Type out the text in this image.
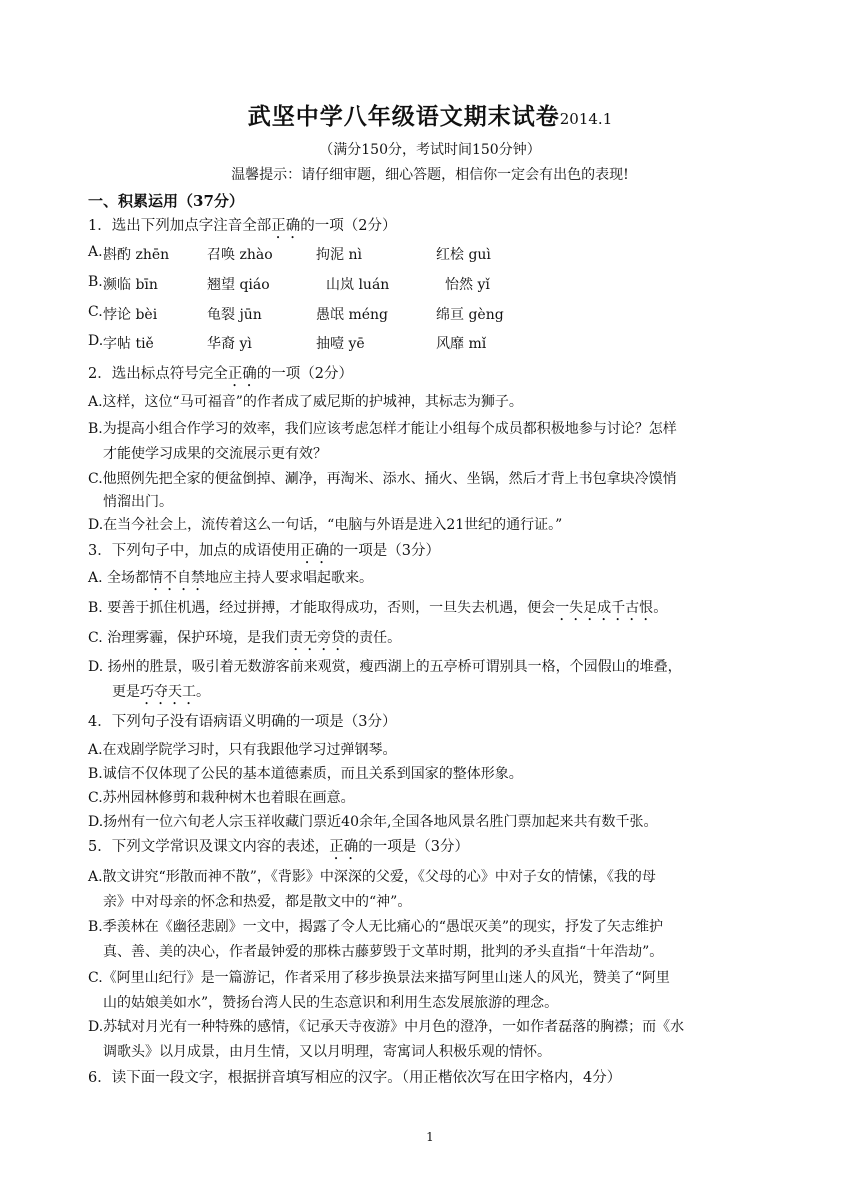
武坚中学八年级语文期末试卷2014.1
（满分150分，考试时间150分钟）
温馨提示：请仔细审题，细心答题，相信你一定会有出色的表现!
一、积累运用（37分）
1．选出下列加点字注音全部正确的一项（2分）
A. 斟酌 zhēn	召唤 zhào	拘泥 nì	红桧 guì
B. 濒临 bīn	翘望 qiáo	山岚 luán	怡然 yǐ
C. 悖论 bèi	龟裂 jūn	愚氓 méng	绵亘 gèng
D. 字帖 tiě	华裔 yì	抽噎 yē	风靡 mǐ
2．选出标点符号完全正确的一项（2分）
A.这样，这位“马可福音”的作者成了威尼斯的护城神，其标志为狮子。
B.为提高小组合作学习的效率，我们应该考虑怎样才能让小组每个成员都积极地参与讨论？怎样
才能使学习成果的交流展示更有效？
C.他照例先把全家的便盆倒掉、涮净，再淘米、添水、捅火、坐锅，然后才背上书包拿块冷馍悄
悄溜出门。
D.在当今社会上，流传着这么一句话，“电脑与外语是进入21世纪的通行证。”
3．下列句子中，加点的成语使用正确的一项是（3分）
A. 全场都情不自禁地应主持人要求唱起歌来。
B. 要善于抓住机遇，经过拼搏，才能取得成功，否则，一旦失去机遇，便会一失足成千古恨。
C. 治理雾霾，保护环境，是我们责无旁贷的责任。
D. 扬州的胜景，吸引着无数游客前来观赏，瘦西湖上的五亭桥可谓别具一格，个园假山的堆叠，
更是巧夺天工。
4．下列句子没有语病语义明确的一项是（3分）
A.在戏剧学院学习时，只有我跟他学习过弹钢琴。
B.诚信不仅体现了公民的基本道德素质，而且关系到国家的整体形象。
C.苏州园林修剪和栽种树木也着眼在画意。
D.扬州有一位六旬老人宗玉祥收藏门票近40余年,全国各地风景名胜门票加起来共有数千张。
5．下列文学常识及课文内容的表述，正确的一项是（3分）
A.散文讲究“形散而神不散”，《背影》中深深的父爱，《父母的心》中对子女的情愫，《我的母
亲》中对母亲的怀念和热爱，都是散文中的“神”。
B.季羡林在《幽径悲剧》一文中，揭露了令人无比痛心的“愚氓灭美”的现实，抒发了矢志维护
真、善、美的决心，作者最钟爱的那株古藤萝毁于文革时期，批判的矛头直指“十年浩劫”。
C.《阿里山纪行》是一篇游记，作者采用了移步换景法来描写阿里山迷人的风光，赞美了“阿里
山的姑娘美如水”，赞扬台湾人民的生态意识和利用生态发展旅游的理念。
D.苏轼对月光有一种特殊的感情，《记承天寺夜游》中月色的澄净，一如作者磊落的胸襟；而《水
调歌头》以月成景，由月生情，又以月明理，寄寓词人积极乐观的情怀。
6．读下面一段文字，根据拼音填写相应的汉字。（用正楷依次写在田字格内，4分）
1
